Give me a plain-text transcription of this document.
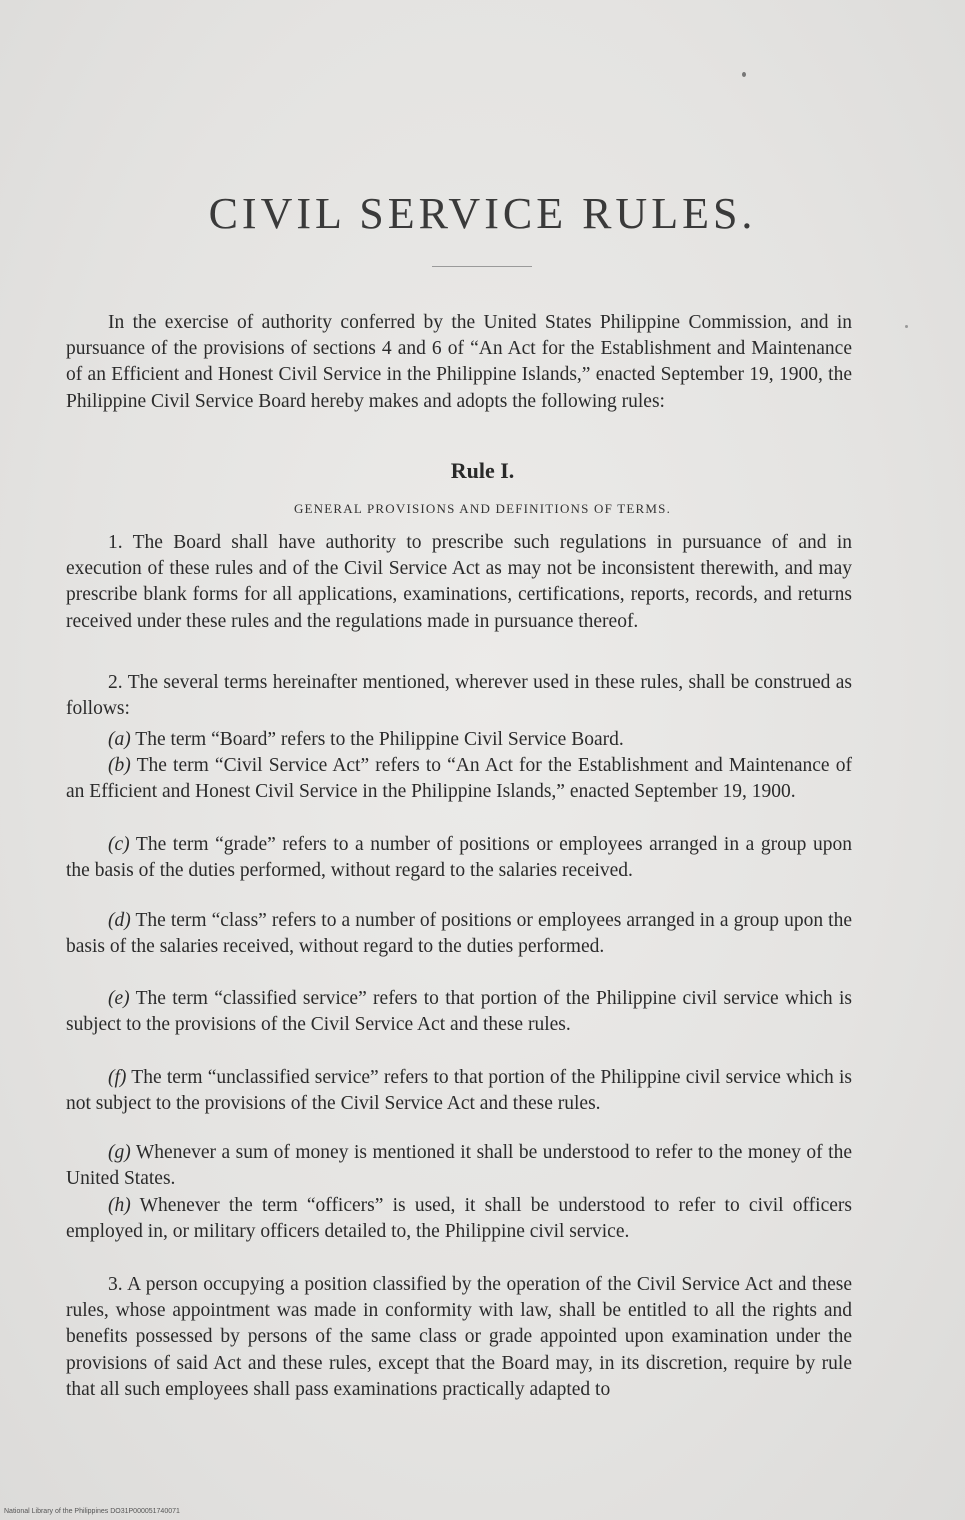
CIVIL SERVICE RULES.
In the exercise of authority conferred by the United States Philippine Commission, and in pursuance of the provisions of sections 4 and 6 of “An Act for the Establishment and Maintenance of an Efficient and Honest Civil Service in the Philippine Islands,” enacted September 19, 1900, the Philippine Civil Service Board hereby makes and adopts the following rules:
Rule I.
GENERAL PROVISIONS AND DEFINITIONS OF TERMS.
1. The Board shall have authority to prescribe such regulations in pursuance of and in execution of these rules and of the Civil Service Act as may not be inconsistent therewith, and may prescribe blank forms for all applications, examinations, certifications, reports, records, and returns received under these rules and the regulations made in pursuance thereof.
2. The several terms hereinafter mentioned, wherever used in these rules, shall be construed as follows:
(a) The term “Board” refers to the Philippine Civil Service Board.
(b) The term “Civil Service Act” refers to “An Act for the Establishment and Maintenance of an Efficient and Honest Civil Service in the Philippine Islands,” enacted September 19, 1900.
(c) The term “grade” refers to a number of positions or employees arranged in a group upon the basis of the duties performed, without regard to the salaries received.
(d) The term “class” refers to a number of positions or employees arranged in a group upon the basis of the salaries received, without regard to the duties performed.
(e) The term “classified service” refers to that portion of the Philippine civil service which is subject to the provisions of the Civil Service Act and these rules.
(f) The term “unclassified service” refers to that portion of the Philippine civil service which is not subject to the provisions of the Civil Service Act and these rules.
(g) Whenever a sum of money is mentioned it shall be understood to refer to the money of the United States.
(h) Whenever the term “officers” is used, it shall be understood to refer to civil officers employed in, or military officers detailed to, the Philippine civil service.
3. A person occupying a position classified by the operation of the Civil Service Act and these rules, whose appointment was made in conformity with law, shall be entitled to all the rights and benefits possessed by persons of the same class or grade appointed upon examination under the provisions of said Act and these rules, except that the Board may, in its discretion, require by rule that all such employees shall pass examinations practically adapted to
National Library of the Philippines DO31P000051740071
